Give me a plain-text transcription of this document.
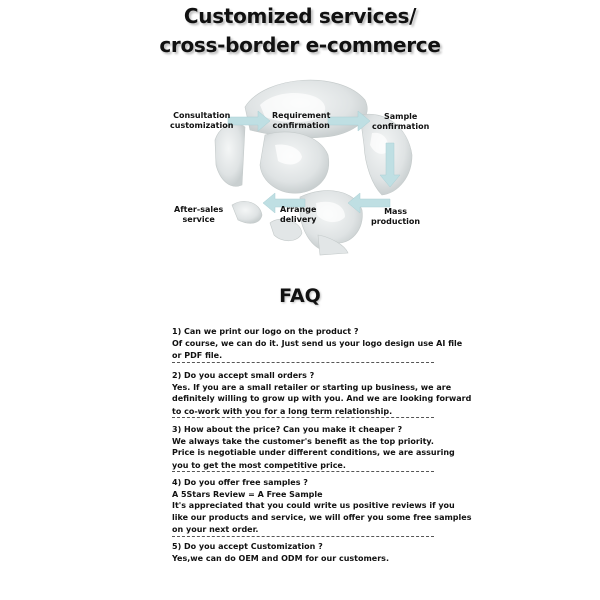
Customized services/
cross-border e-commerce
Consultation
customization
Requirement
confirmation
Sample
confirmation
Mass
production
Arrange
delivery
After-sales
service
FAQ
1) Can we print our logo on the product ?
Of course, we can do it. Just send us your logo design use AI file
or PDF file.
2) Do you accept small orders ?
Yes. If you are a small retailer or starting up business, we are
definitely willing to grow up with you. And we are looking forward
to co-work with you for a long term relationship.
3) How about the price? Can you make it cheaper ?
We always take the customer's benefit as the top priority.
Price is negotiable under different conditions, we are assuring
you to get the most competitive price.
4) Do you offer free samples ?
A 5Stars Review = A Free Sample
It's appreciated that you could write us positive reviews if you
like our products and service, we will offer you some free samples
on your next order.
5) Do you accept Customization ?
Yes,we can do OEM and ODM for our customers.
